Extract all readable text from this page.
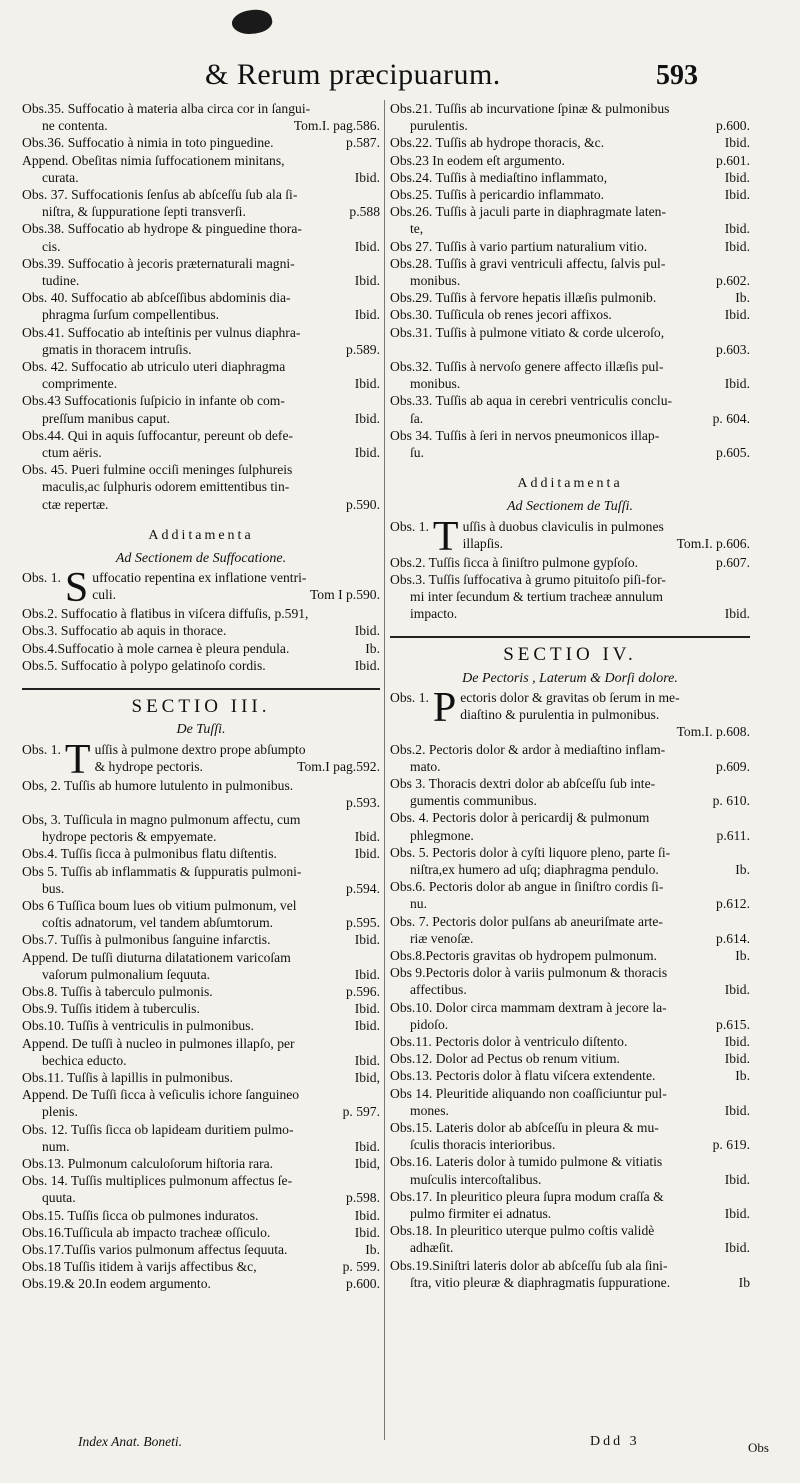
& Rerum præcipuarum.	593
Obs.35. Suffocatio à materia alba circa cor in ſangui-
ne contenta.	Tom.I. pag.586.
Obs.36. Suffocatio à nimia in toto pinguedine.	p.587.
Append. Obeſitas nimia ſuffocationem minitans,
curata.	Ibid.
Obs. 37. Suffocationis ſenſus ab abſceſſu ſub ala ſi-
niſtra, & ſuppuratione ſepti transverſi.	p.588
Obs.38. Suffocatio ab hydrope & pinguedine thora-
cis.	Ibid.
Obs.39. Suffocatio à jecoris præternaturali magni-
tudine.	Ibid.
Obs. 40. Suffocatio ab abſceſſibus abdominis dia-
phragma ſurſum compellentibus.	Ibid.
Obs.41. Suffocatio ab inteſtinis per vulnus diaphra-
gmatis in thoracem intruſis.	p.589.
Obs. 42. Suffocatio ab utriculo uteri diaphragma
comprimente.	Ibid.
Obs.43 Suffocationis ſuſpicio in infante ob com-
preſſum manibus caput.	Ibid.
Obs.44. Qui in aquis ſuffocantur, pereunt ob defe-
ctum aëris.	Ibid.
Obs. 45. Pueri fulmine occiſi meninges ſulphureis
maculis,ac ſulphuris odorem emittentibus tin-
ctæ repertæ.	p.590.
Additamenta
Ad Sectionem de Suffocatione.
Obs. 1. S uffocatio repentina ex inflatione ventri-
culi.	Tom I p.590.
Obs.2. Suffocatio à flatibus in viſcera diffuſis, p.591,
Obs.3. Suffocatio ab aquis in thorace.	Ibid.
Obs.4.Suffocatio à mole carnea è pleura pendula.	Ib.
Obs.5. Suffocatio à polypo gelatinoſo cordis.	Ibid.
SECTIO III.
De Tuſſi.
Obs. 1. T uſſis à pulmone dextro prope abſumpto
& hydrope pectoris.	Tom.I pag.592.
Obs, 2. Tuſſis ab humore lutulento in pulmonibus.
p.593.
Obs, 3. Tuſſicula in magno pulmonum affectu, cum
hydrope pectoris & empyemate.	Ibid.
Obs.4. Tuſſis ſicca à pulmonibus flatu diſtentis.	Ibid.
Obs 5. Tuſſis ab inflammatis & ſuppuratis pulmoni-
bus.	p.594.
Obs 6 Tuſſica boum lues ob vitium pulmonum, vel
coſtis adnatorum, vel tandem abſumtorum.	p.595.
Obs.7. Tuſſis à pulmonibus ſanguine infarctis.	Ibid.
Append. De tuſſi diuturna dilatationem varicoſam
vaſorum pulmonalium ſequuta.	Ibid.
Obs.8. Tuſſis à taberculo pulmonis.	p.596.
Obs.9. Tuſſis itidem à tuberculis.	Ibid.
Obs.10. Tuſſis à ventriculis in pulmonibus.	Ibid.
Append. De tuſſi à nucleo in pulmones illapſo, per
bechica educto.	Ibid.
Obs.11. Tuſſis à lapillis in pulmonibus.	Ibid,
Append. De Tuſſi ſicca à veſiculis ichore ſanguineo
plenis.	p. 597.
Obs. 12. Tuſſis ſicca ob lapideam duritiem pulmo-
num.	Ibid.
Obs.13. Pulmonum calculoſorum hiſtoria rara.	Ibid,
Obs. 14. Tuſſis multiplices pulmonum affectus ſe-
quuta.	p.598.
Obs.15. Tuſſis ſicca ob pulmones induratos.	Ibid.
Obs.16.Tuſſicula ab impacto tracheæ oſſiculo.	Ibid.
Obs.17.Tuſſis varios pulmonum affectus ſequuta.	Ib.
Obs.18 Tuſſis itidem à varijs affectibus &c,	p. 599.
Obs.19.& 20.In eodem argumento.	p.600.
Obs.21. Tuſſis ab incurvatione ſpinæ & pulmonibus
purulentis.	p.600.
Obs.22. Tuſſis ab hydrope thoracis, &c.	Ibid.
Obs.23 In eodem eſt argumento.	p.601.
Obs.24. Tuſſis à mediaſtino inflammato,	Ibid.
Obs.25. Tuſſis à pericardio inflammato.	Ibid.
Obs.26. Tuſſis à jaculi parte in diaphragmate laten-
te,	Ibid.
Obs 27. Tuſſis à vario partium naturalium vitio.	Ibid.
Obs.28. Tuſſis à gravi ventriculi affectu, ſalvis pul-
monibus.	p.602.
Obs.29. Tuſſis à fervore hepatis illæſis pulmonib.	Ib.
Obs.30. Tuſſicula ob renes jecori affixos.	Ibid.
Obs.31. Tuſſis à pulmone vitiato & corde ulceroſo,
p.603.
Obs.32. Tuſſis à nervoſo genere affecto illæſis pul-
monibus.	Ibid.
Obs.33. Tuſſis ab aqua in cerebri ventriculis conclu-
ſa.	p. 604.
Obs 34. Tuſſis à ſeri in nervos pneumonicos illap-
ſu.	p.605.
Additamenta
Ad Sectionem de Tuſſi.
Obs. 1. T uſſis à duobus claviculis in pulmones
illapſis.	Tom.I. p.606.
Obs.2. Tuſſis ſicca à ſiniſtro pulmone gypſoſo.	p.607.
Obs.3. Tuſſis ſuffocativa à grumo pituitoſo piſi-for-
mi inter ſecundum & tertium tracheæ annulum
impacto.	Ibid.
SECTIO IV.
De Pectoris , Laterum & Dorſi dolore.
Obs. 1. P ectoris dolor & gravitas ob ſerum in me-
diaſtino & purulentia in pulmonibus.
Tom.I. p.608.
Obs.2. Pectoris dolor & ardor à mediaſtino inflam-
mato.	p.609.
Obs 3. Thoracis dextri dolor ab abſceſſu ſub inte-
gumentis communibus.	p. 610.
Obs. 4. Pectoris dolor à pericardij & pulmonum
phlegmone.	p.611.
Obs. 5. Pectoris dolor à cyſti liquore pleno, parte ſi-
niſtra,ex humero ad uſq; diaphragma pendulo.	Ib.
Obs.6. Pectoris dolor ab angue in ſiniſtro cordis ſi-
nu.	p.612.
Obs. 7. Pectoris dolor pulſans ab aneuriſmate arte-
riæ venoſæ.	p.614.
Obs.8.Pectoris gravitas ob hydropem pulmonum.	Ib.
Obs 9.Pectoris dolor à variis pulmonum & thoracis
affectibus.	Ibid.
Obs.10. Dolor circa mammam dextram à jecore la-
pidoſo.	p.615.
Obs.11. Pectoris dolor à ventriculo diſtento.	Ibid.
Obs.12. Dolor ad Pectus ob renum vitium.	Ibid.
Obs.13. Pectoris dolor à flatu viſcera extendente.	Ib.
Obs 14. Pleuritide aliquando non coaſſiciuntur pul-
mones.	Ibid.
Obs.15. Lateris dolor ab abſceſſu in pleura & mu-
ſculis thoracis interioribus.	p. 619.
Obs.16. Lateris dolor à tumido pulmone & vitiatis
muſculis intercoſtalibus.	Ibid.
Obs.17. In pleuritico pleura ſupra modum craſſa &
pulmo firmiter ei adnatus.	Ibid.
Obs.18. In pleuritico uterque pulmo coſtis validè
adhæſit.	Ibid.
Obs.19.Siniſtri lateris dolor ab abſceſſu ſub ala ſini-
ſtra, vitio pleuræ & diaphragmatis ſuppuratione.	Ib
Index Anat. Boneti.	Ddd 3	Obs
